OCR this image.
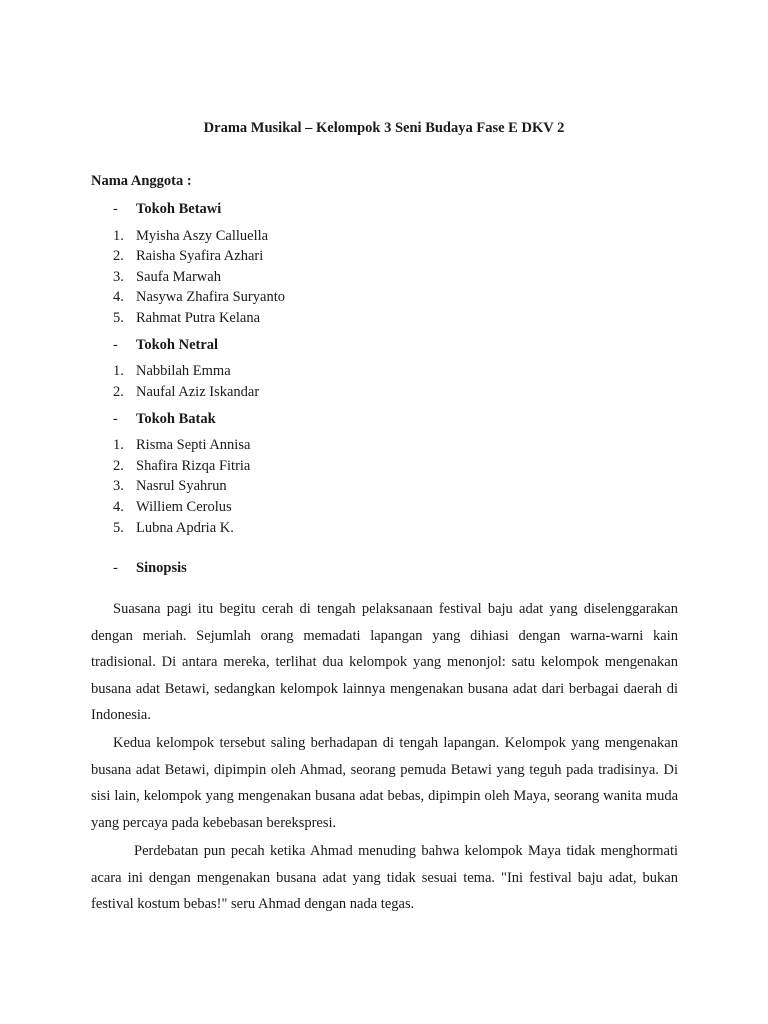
Drama Musikal – Kelompok 3 Seni Budaya Fase E DKV 2
Nama Anggota :
- Tokoh Betawi
1. Myisha Aszy Calluella
2. Raisha Syafira Azhari
3. Saufa Marwah
4. Nasywa Zhafira Suryanto
5. Rahmat Putra Kelana
- Tokoh Netral
1. Nabbilah Emma
2. Naufal Aziz Iskandar
- Tokoh Batak
1. Risma Septi Annisa
2. Shafira Rizqa Fitria
3. Nasrul Syahrun
4. Williem Cerolus
5. Lubna Apdria K.
- Sinopsis

Suasana pagi itu begitu cerah di tengah pelaksanaan festival baju adat yang diselenggarakan dengan meriah. Sejumlah orang memadati lapangan yang dihiasi dengan warna-warni kain tradisional. Di antara mereka, terlihat dua kelompok yang menonjol: satu kelompok mengenakan busana adat Betawi, sedangkan kelompok lainnya mengenakan busana adat dari berbagai daerah di Indonesia.

Kedua kelompok tersebut saling berhadapan di tengah lapangan. Kelompok yang mengenakan busana adat Betawi, dipimpin oleh Ahmad, seorang pemuda Betawi yang teguh pada tradisinya. Di sisi lain, kelompok yang mengenakan busana adat bebas, dipimpin oleh Maya, seorang wanita muda yang percaya pada kebebasan berekspresi.

Perdebatan pun pecah ketika Ahmad menuding bahwa kelompok Maya tidak menghormati acara ini dengan mengenakan busana adat yang tidak sesuai tema. "Ini festival baju adat, bukan festival kostum bebas!" seru Ahmad dengan nada tegas.
